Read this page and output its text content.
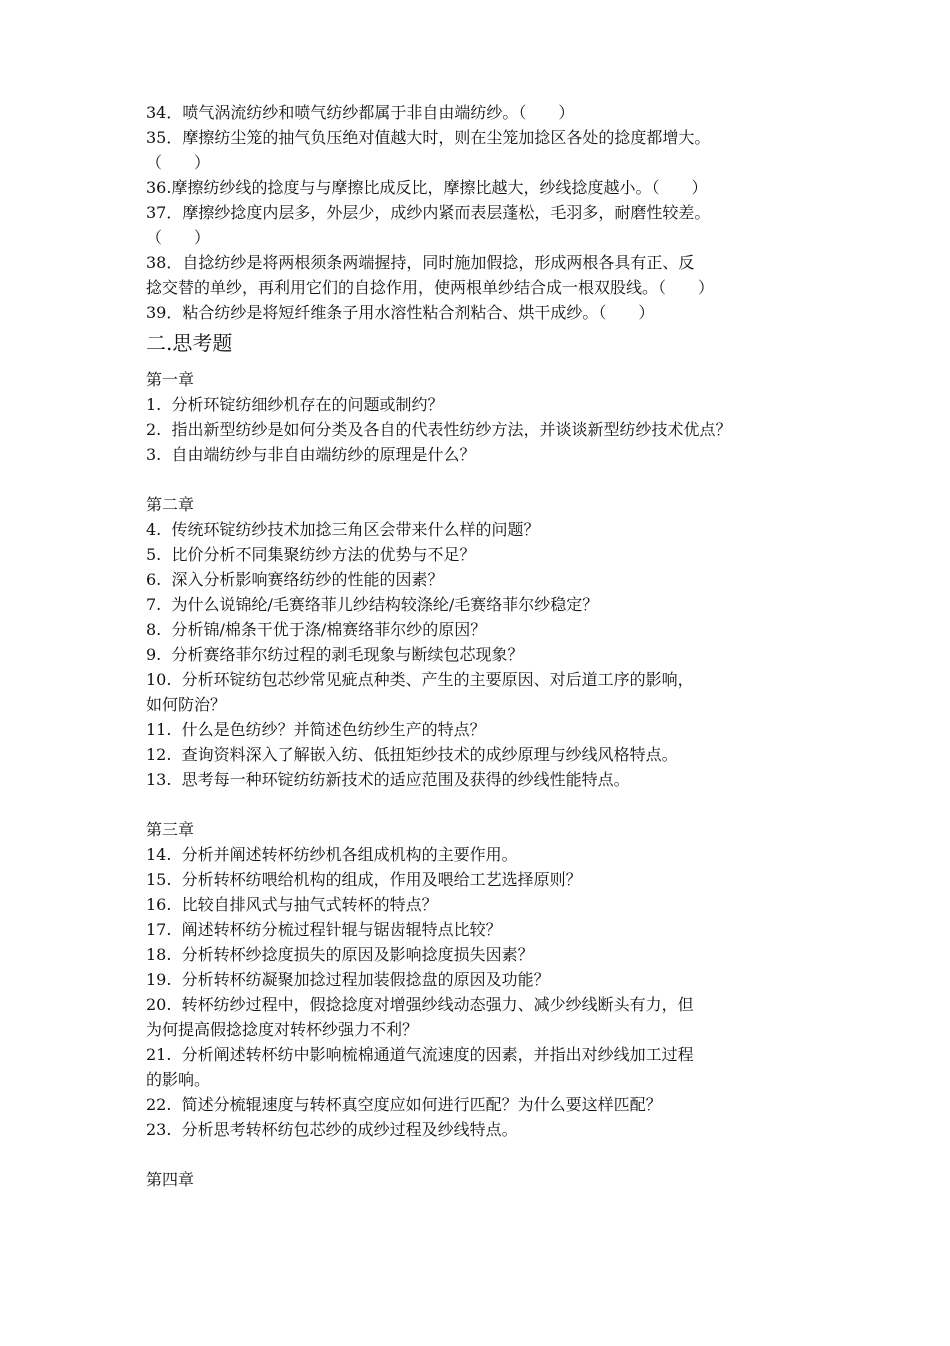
34．喷气涡流纺纱和喷气纺纱都属于非自由端纺纱。（　　）
35．摩擦纺尘笼的抽气负压绝对值越大时，则在尘笼加捻区各处的捻度都增大。
（　　）
36.摩擦纺纱线的捻度与与摩擦比成反比，摩擦比越大，纱线捻度越小。（　　）
37．摩擦纱捻度内层多，外层少，成纱内紧而表层蓬松，毛羽多，耐磨性较差。
（　　）
38．自捻纺纱是将两根须条两端握持，同时施加假捻，形成两根各具有正、反
捻交替的单纱，再利用它们的自捻作用，使两根单纱结合成一根双股线。（　　）
39．粘合纺纱是将短纤维条子用水溶性粘合剂粘合、烘干成纱。（　　）
二.思考题
第一章
1.  分析环锭纺细纱机存在的问题或制约？
2.  指出新型纺纱是如何分类及各自的代表性纺纱方法，并谈谈新型纺纱技术优点？
3.  自由端纺纱与非自由端纺纱的原理是什么？
第二章
4.  传统环锭纺纱技术加捻三角区会带来什么样的问题？
5.  比价分析不同集聚纺纱方法的优势与不足？
6.  深入分析影响赛络纺纱的性能的因素？
7.  为什么说锦纶/毛赛络菲儿纱结构较涤纶/毛赛络菲尔纱稳定？
8.  分析锦/棉条干优于涤/棉赛络菲尔纱的原因？
9.  分析赛络菲尔纺过程的剥毛现象与断续包芯现象？
10.  分析环锭纺包芯纱常见疵点种类、产生的主要原因、对后道工序的影响，
如何防治？
11.  什么是色纺纱？并简述色纺纱生产的特点？
12.  查询资料深入了解嵌入纺、低扭矩纱技术的成纱原理与纱线风格特点。
13.  思考每一种环锭纺纺新技术的适应范围及获得的纱线性能特点。
第三章
14.  分析并阐述转杯纺纱机各组成机构的主要作用。
15.  分析转杯纺喂给机构的组成，作用及喂给工艺选择原则？
16.  比较自排风式与抽气式转杯的特点？
17.  阐述转杯纺分梳过程针辊与锯齿辊特点比较？
18.  分析转杯纱捻度损失的原因及影响捻度损失因素？
19.  分析转杯纺凝聚加捻过程加装假捻盘的原因及功能？
20.  转杯纺纱过程中，假捻捻度对增强纱线动态强力、减少纱线断头有力，但
为何提高假捻捻度对转杯纱强力不利？
21.  分析阐述转杯纺中影响梳棉通道气流速度的因素，并指出对纱线加工过程
的影响。
22.  简述分梳辊速度与转杯真空度应如何进行匹配？为什么要这样匹配？
23.  分析思考转杯纺包芯纱的成纱过程及纱线特点。
第四章
